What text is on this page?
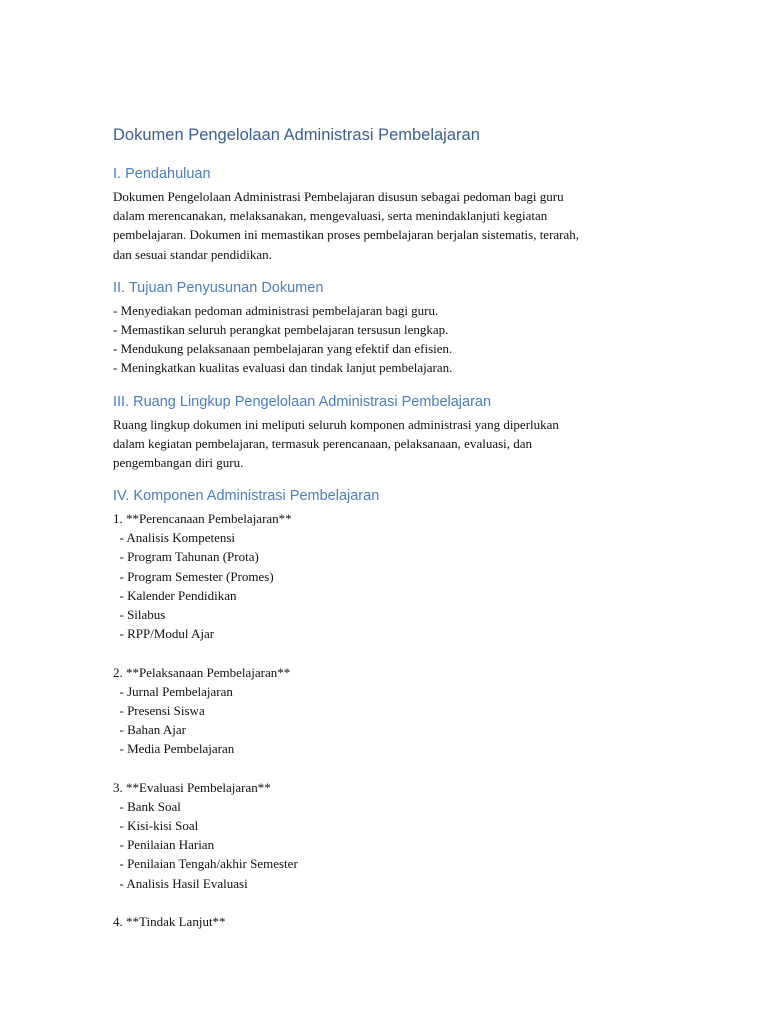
Dokumen Pengelolaan Administrasi Pembelajaran
I. Pendahuluan
Dokumen Pengelolaan Administrasi Pembelajaran disusun sebagai pedoman bagi guru
dalam merencanakan, melaksanakan, mengevaluasi, serta menindaklanjuti kegiatan
pembelajaran. Dokumen ini memastikan proses pembelajaran berjalan sistematis, terarah,
dan sesuai standar pendidikan.
II. Tujuan Penyusunan Dokumen
- Menyediakan pedoman administrasi pembelajaran bagi guru.
- Memastikan seluruh perangkat pembelajaran tersusun lengkap.
- Mendukung pelaksanaan pembelajaran yang efektif dan efisien.
- Meningkatkan kualitas evaluasi dan tindak lanjut pembelajaran.
III. Ruang Lingkup Pengelolaan Administrasi Pembelajaran
Ruang lingkup dokumen ini meliputi seluruh komponen administrasi yang diperlukan
dalam kegiatan pembelajaran, termasuk perencanaan, pelaksanaan, evaluasi, dan
pengembangan diri guru.
IV. Komponen Administrasi Pembelajaran
1. **Perencanaan Pembelajaran**
- Analisis Kompetensi
- Program Tahunan (Prota)
- Program Semester (Promes)
- Kalender Pendidikan
- Silabus
- RPP/Modul Ajar
2. **Pelaksanaan Pembelajaran**
- Jurnal Pembelajaran
- Presensi Siswa
- Bahan Ajar
- Media Pembelajaran
3. **Evaluasi Pembelajaran**
- Bank Soal
- Kisi-kisi Soal
- Penilaian Harian
- Penilaian Tengah/akhir Semester
- Analisis Hasil Evaluasi
4. **Tindak Lanjut**
